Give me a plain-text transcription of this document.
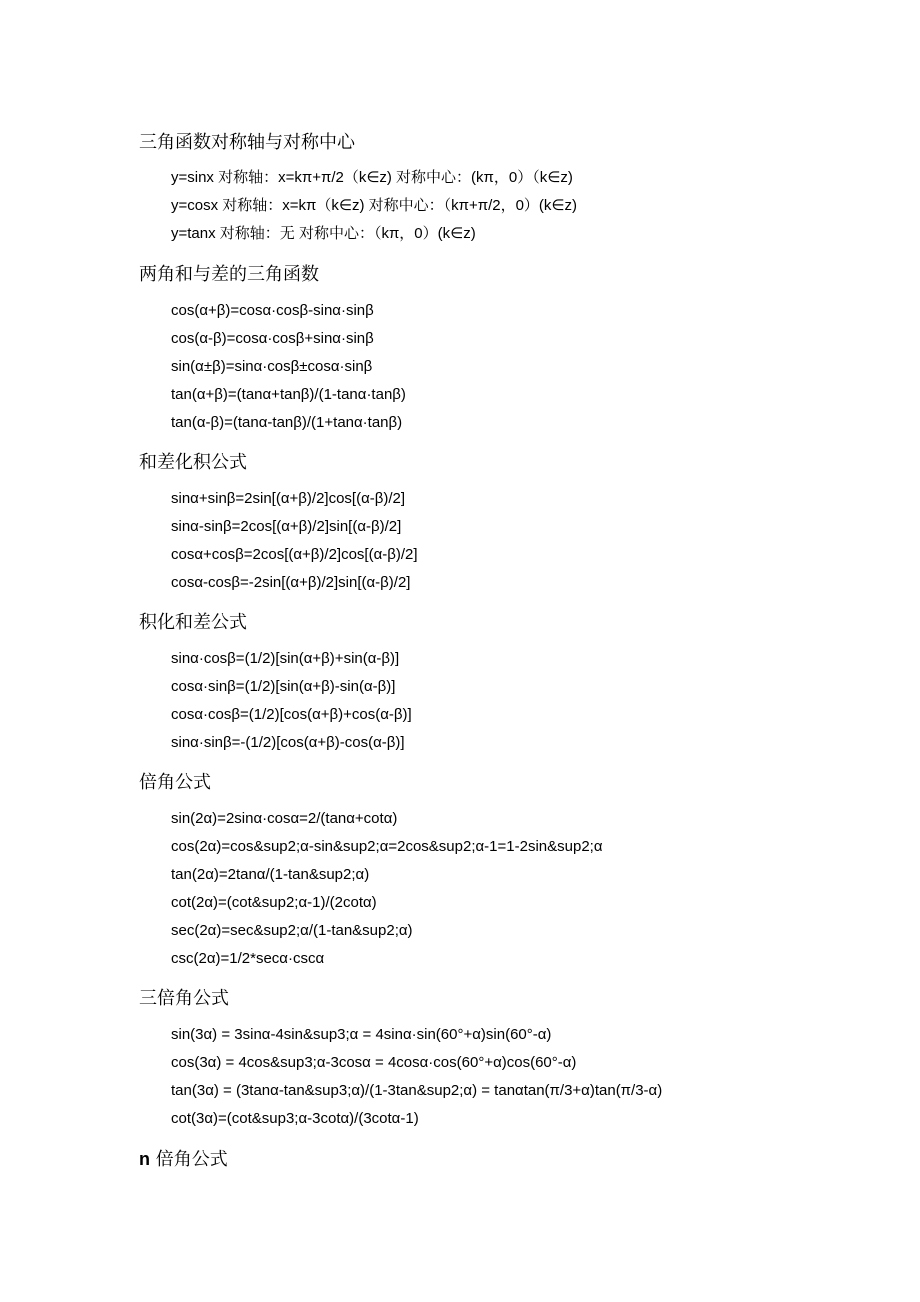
三角函数对称轴与对称中心
y=sinx 对称轴：x=kπ+π/2（k∈z) 对称中心：(kπ，0）（k∈z)
y=cosx 对称轴：x=kπ（k∈z) 对称中心：（kπ+π/2，0）(k∈z)
y=tanx 对称轴：无 对称中心：（kπ，0）(k∈z)
两角和与差的三角函数
cos(α+β)=cosα·cosβ-sinα·sinβ
cos(α-β)=cosα·cosβ+sinα·sinβ
sin(α±β)=sinα·cosβ±cosα·sinβ
tan(α+β)=(tanα+tanβ)/(1-tanα·tanβ)
tan(α-β)=(tanα-tanβ)/(1+tanα·tanβ)
和差化积公式
sinα+sinβ=2sin[(α+β)/2]cos[(α-β)/2]
sinα-sinβ=2cos[(α+β)/2]sin[(α-β)/2]
cosα+cosβ=2cos[(α+β)/2]cos[(α-β)/2]
cosα-cosβ=-2sin[(α+β)/2]sin[(α-β)/2]
积化和差公式
sinα·cosβ=(1/2)[sin(α+β)+sin(α-β)]
cosα·sinβ=(1/2)[sin(α+β)-sin(α-β)]
cosα·cosβ=(1/2)[cos(α+β)+cos(α-β)]
sinα·sinβ=-(1/2)[cos(α+β)-cos(α-β)]
倍角公式
sin(2α)=2sinα·cosα=2/(tanα+cotα)
cos(2α)=cos&sup2;α-sin&sup2;α=2cos&sup2;α-1=1-2sin&sup2;α
tan(2α)=2tanα/(1-tan&sup2;α)
cot(2α)=(cot&sup2;α-1)/(2cotα)
sec(2α)=sec&sup2;α/(1-tan&sup2;α)
csc(2α)=1/2*secα·cscα
三倍角公式
sin(3α) = 3sinα-4sin&sup3;α = 4sinα·sin(60°+α)sin(60°-α)
cos(3α) = 4cos&sup3;α-3cosα = 4cosα·cos(60°+α)cos(60°-α)
tan(3α) = (3tanα-tan&sup3;α)/(1-3tan&sup2;α) = tanαtan(π/3+α)tan(π/3-α)
cot(3α)=(cot&sup3;α-3cotα)/(3cotα-1)
n 倍角公式
